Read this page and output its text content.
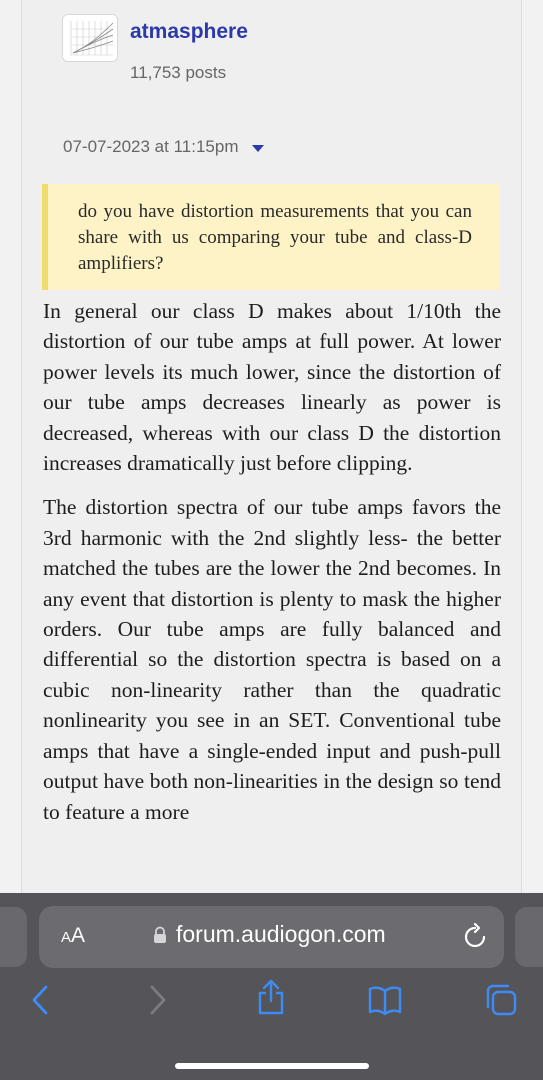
atmasphere
11,753 posts
07-07-2023 at 11:15pm
do you have distortion measurements that you can share with us comparing your tube and class-D amplifiers?

In general our class D makes about 1/10th the distortion of our tube amps at full power. At lower power levels its much lower, since the distortion of our tube amps decreases linearly as power is decreased, whereas with our class D the distortion increases dramatically just before clipping.

The distortion spectra of our tube amps favors the 3rd harmonic with the 2nd slightly less- the better matched the tubes are the lower the 2nd becomes. In any event that distortion is plenty to mask the higher orders. Our tube amps are fully balanced and differential so the distortion spectra is based on a cubic non-linearity rather than the quadratic nonlinearity you see in an SET. Conventional tube amps that have a single-ended input and push-pull output have both non-linearities in the design so tend to feature a more

AA	forum.audiogon.com
